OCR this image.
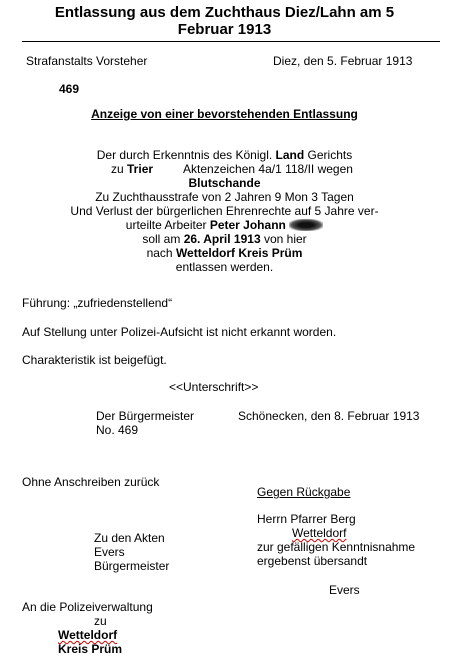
Entlassung aus dem Zuchthaus Diez/Lahn am 5
Februar 1913
Strafanstalts Vorsteher	Diez, den 5. Februar 1913
469
Anzeige von einer bevorstehenden Entlassung
Der durch Erkenntnis des Königl. Land Gerichts
zu Trier	Aktenzeichen 4a/1 118/II wegen
Blutschande
Zu Zuchthausstrafe von 2 Jahren 9 Mon 3 Tagen
Und Verlust der bürgerlichen Ehrenrechte auf 5 Jahre ver-
urteilte Arbeiter Peter Johann
soll am 26. April 1913 von hier
nach Wetteldorf Kreis Prüm
entlassen werden.
Führung: „zufriedenstellend“
Auf Stellung unter Polizei-Aufsicht ist nicht erkannt worden.
Charakteristik ist beigefügt.
<<Unterschrift>>
Der Bürgermeister
No. 469
Schönecken, den 8. Februar 1913
Ohne Anschreiben zurück
Gegen Rückgabe
Herrn Pfarrer Berg
Wetteldorf
zur gefälligen Kenntnisnahme
ergebenst übersandt
Evers
Zu den Akten
Evers
Bürgermeister
An die Polizeiverwaltung
zu
Wetteldorf
Kreis Prüm
